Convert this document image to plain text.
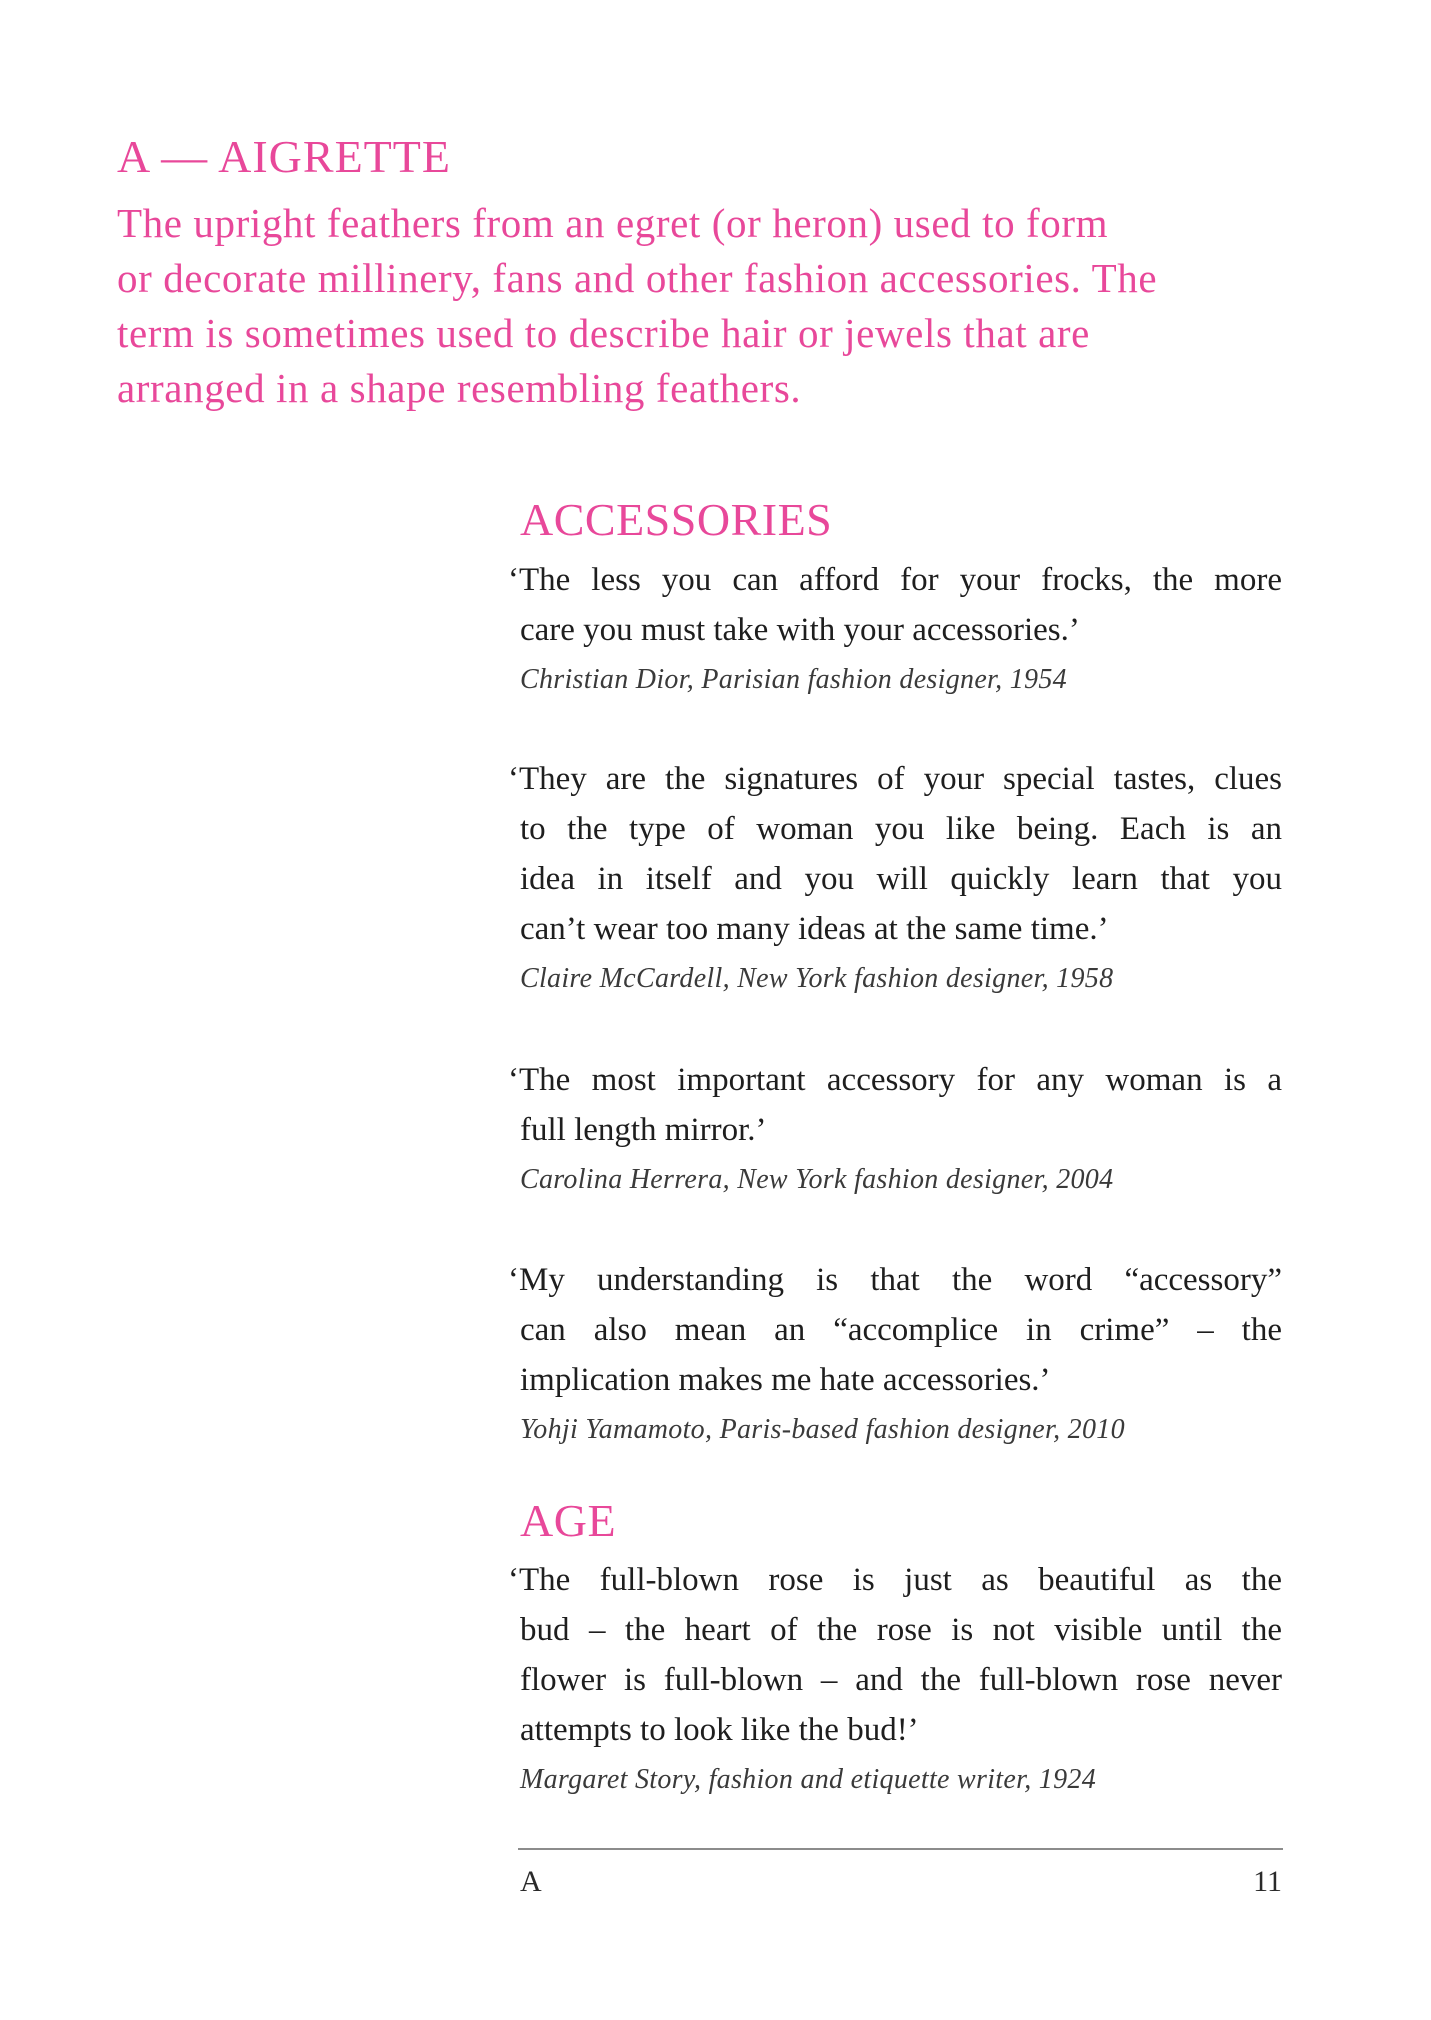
A — AIGRETTE

The upright feathers from an egret (or heron) used to form
or decorate millinery, fans and other fashion accessories. The
term is sometimes used to describe hair or jewels that are
arranged in a shape resembling feathers.

ACCESSORIES

‘The less you can afford for your frocks, the more
care you must take with your accessories.’

Christian Dior, Parisian fashion designer, 1954

‘They are the signatures of your special tastes, clues
to the type of woman you like being. Each is an
idea in itself and you will quickly learn that you
can’t wear too many ideas at the same time.’

Claire McCardell, New York fashion designer, 1958

‘The most important accessory for any woman is a
full length mirror.’

Carolina Herrera, New York fashion designer, 2004

‘My understanding is that the word “accessory”
can also mean an “accomplice in crime” – the
implication makes me hate accessories.’

Yohji Yamamoto, Paris-based fashion designer, 2010

AGE

‘The full-blown rose is just as beautiful as the
bud – the heart of the rose is not visible until the
flower is full-blown – and the full-blown rose never
attempts to look like the bud!’

Margaret Story, fashion and etiquette writer, 1924

A	11
